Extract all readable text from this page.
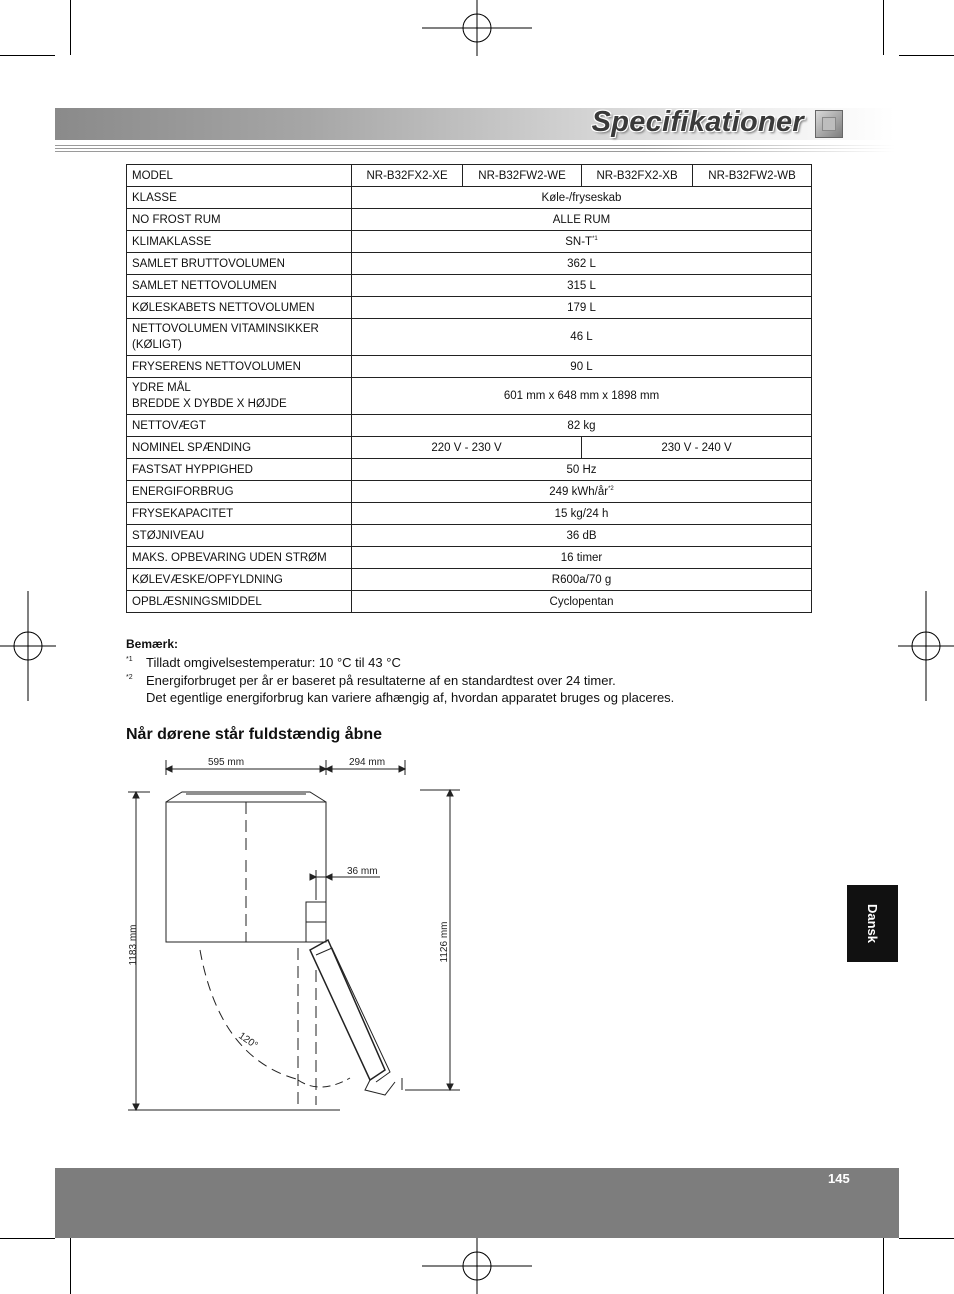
Specifikationer
MODEL	NR-B32FX2-XE	NR-B32FW2-WE	NR-B32FX2-XB	NR-B32FW2-WB
KLASSE	Køle-/fryseskab			
NO FROST RUM	ALLE RUM			
KLIMAKLASSE	$SN-T^{*1}$
SAMLET BRUTTOVOLUMEN	362 L			
SAMLET NETTOVOLUMEN	315 L			
KØLESKABETS NETTOVOLUMEN	179 L			
NETTOVOLUMEN VITAMINSIKKER
(KØLIGT)	46 L			
FRYSERENS NETTOVOLUMEN	90 L			
YDRE MÅL
BREDDE X DYBDE X HØJDE	601 mm x 648 mm x 1898 mm			
NETTOVÆGT	82 kg			
NOMINEL SPÆNDING	220 V - 230 V		230 V - 240 V	
FASTSAT HYPPIGHED	50 Hz			
ENERGIFORBRUG	249 kWh/$år^{*2}$
FRYSEKAPACITET	15 kg/24 h			
STØJNIVEAU	36 dB			
MAKS. OPBEVARING UDEN STRØM	16 timer			
KØLEVÆSKE/OPFYLDNING	R600a/70 g			
OPBLÆSNINGSMIDDEL	Cyclopentan			
Bemærk:
*1 Tilladt omgivelsestemperatur: 10 °C til 43 °C
*2 Energiforbruget per år er baseret på resultaterne af en standardtest over 24 timer.
Det egentlige energiforbrug kan variere afhængig af, hvordan apparatet bruges og placeres.
Når dørene står fuldstændig åbne
595 mm	294 mm
36 mm
1183 mm	1126 mm
120°
Dansk
145
